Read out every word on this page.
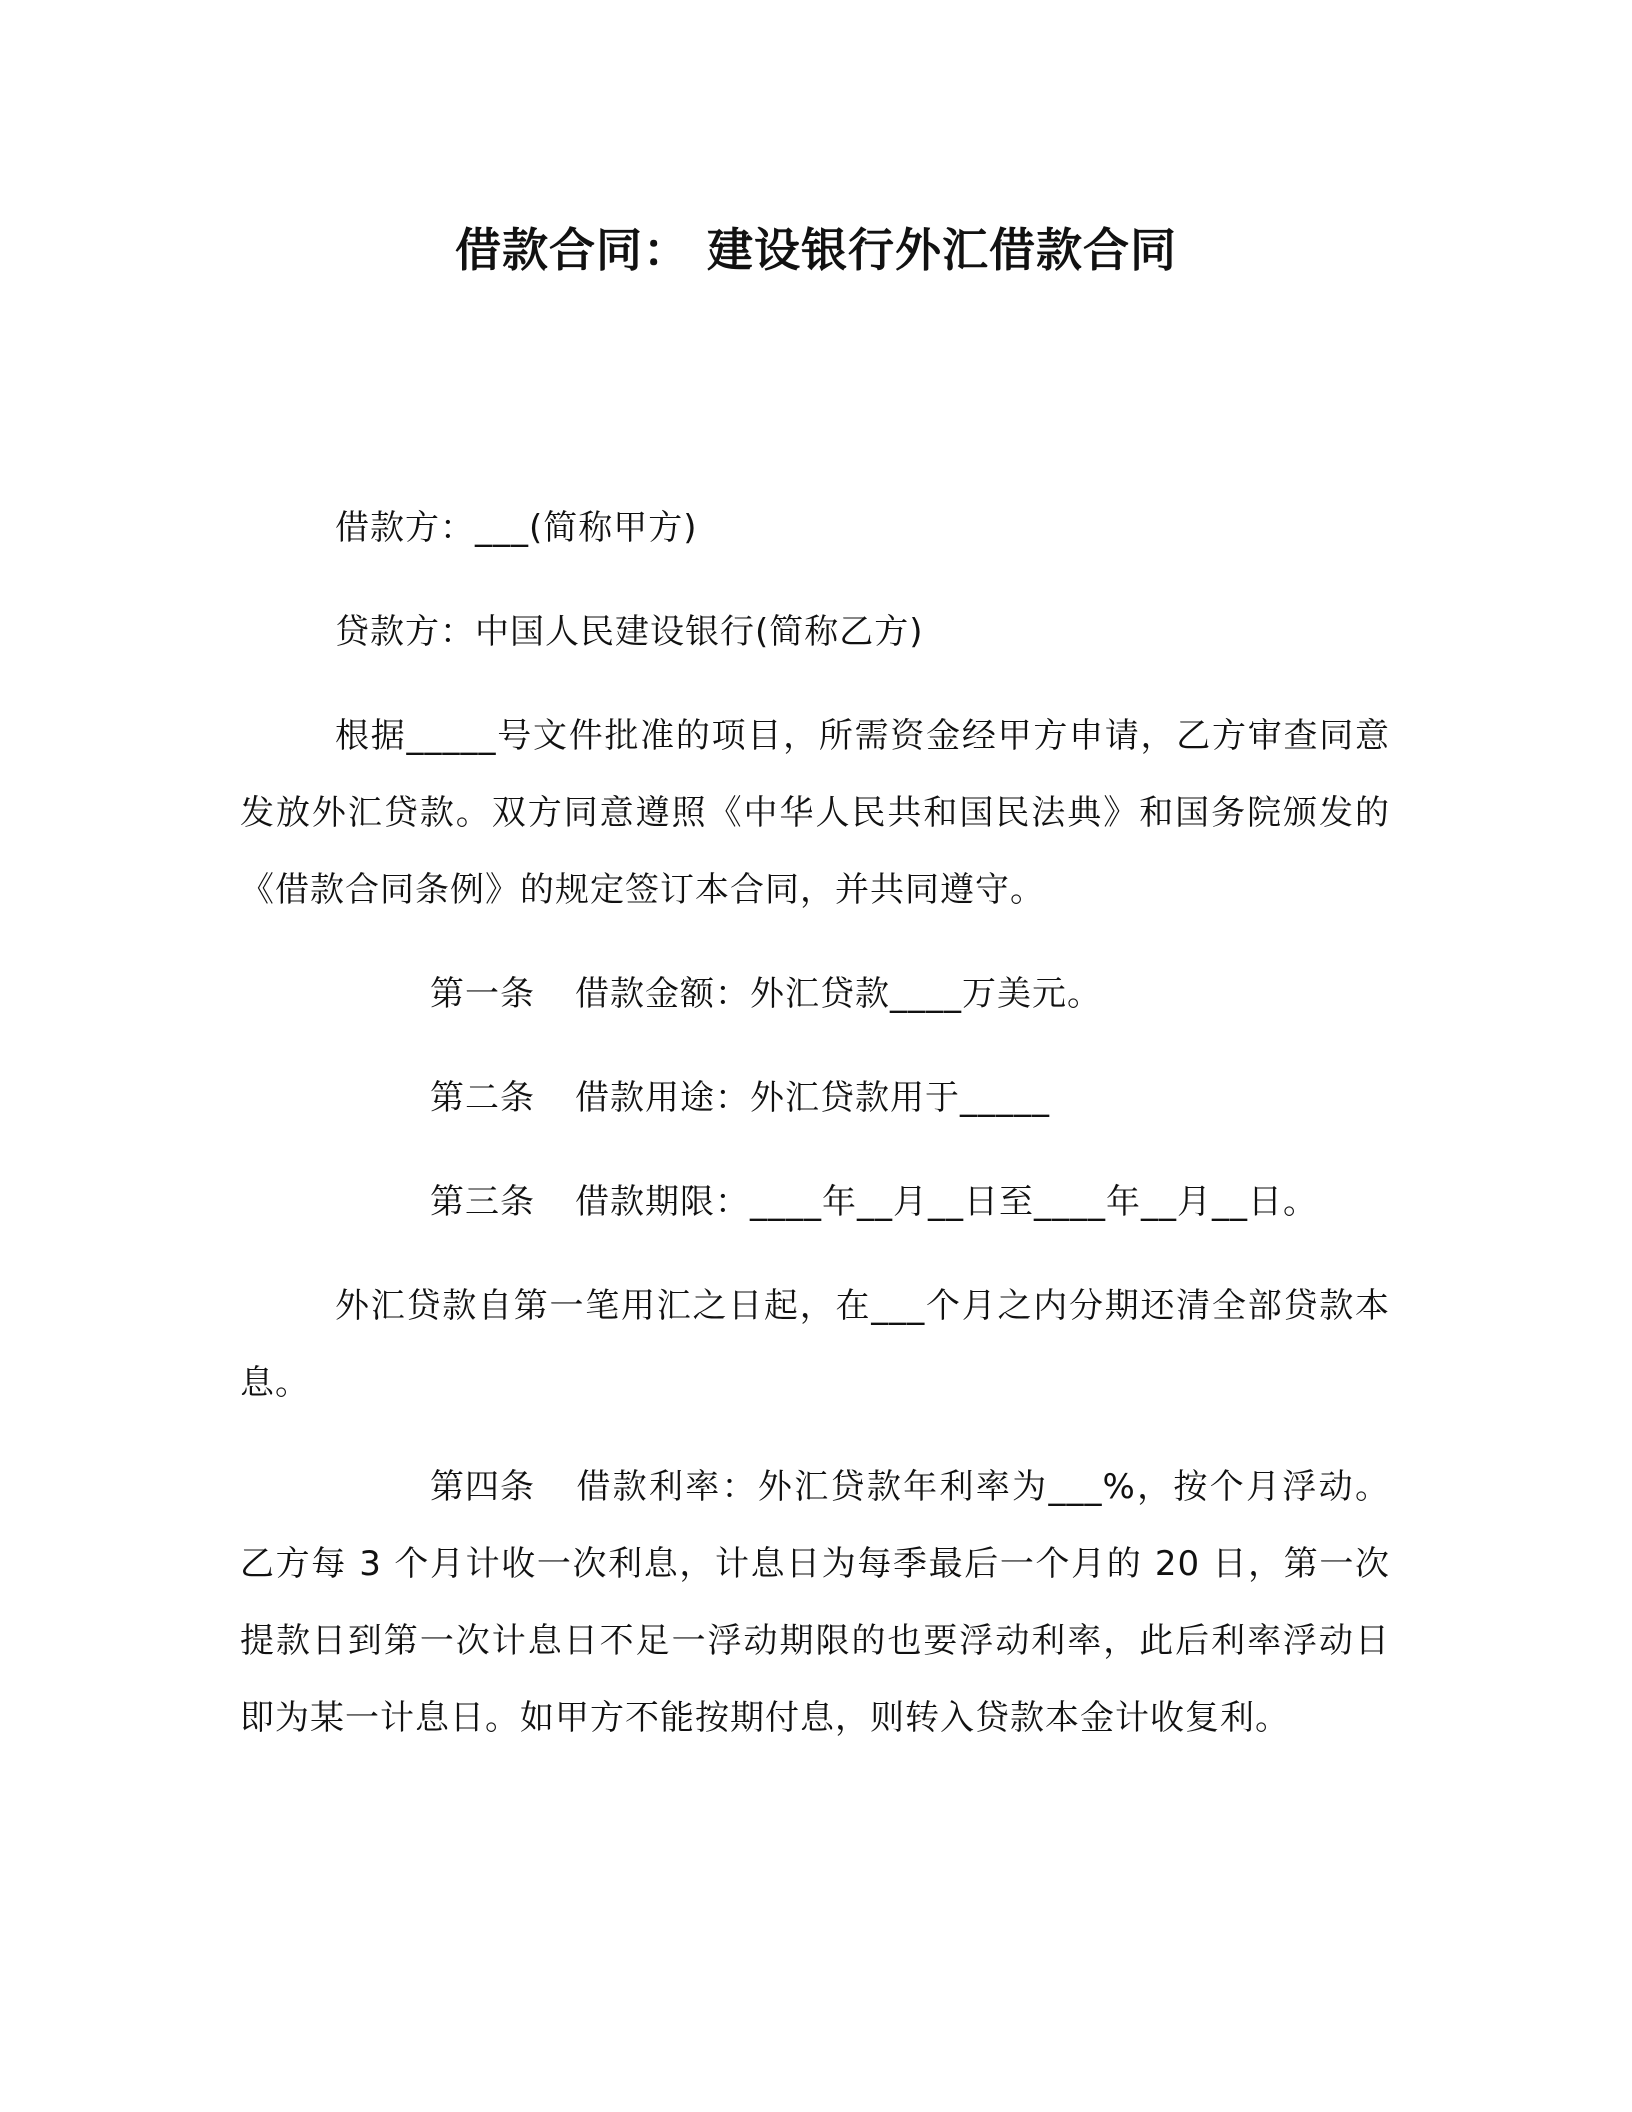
借款合同： 建设银行外汇借款合同

借款方：___(简称甲方)

贷款方：中国人民建设银行(简称乙方)

根据_____号文件批准的项目，所需资金经甲方申请，乙方审查同意发放外汇贷款。双方同意遵照《中华人民共和国民法典》和国务院颁发的《借款合同条例》的规定签订本合同，并共同遵守。

第一条 借款金额：外汇贷款____万美元。

第二条 借款用途：外汇贷款用于_____

第三条 借款期限：____年__月__日至____年__月__日。

外汇贷款自第一笔用汇之日起，在___个月之内分期还清全部贷款本息。

第四条 借款利率：外汇贷款年利率为___%，按个月浮动。乙方每 3 个月计收一次利息，计息日为每季最后一个月的 20 日，第一次提款日到第一次计息日不足一浮动期限的也要浮动利率，此后利率浮动日即为某一计息日。如甲方不能按期付息，则转入贷款本金计收复利。
